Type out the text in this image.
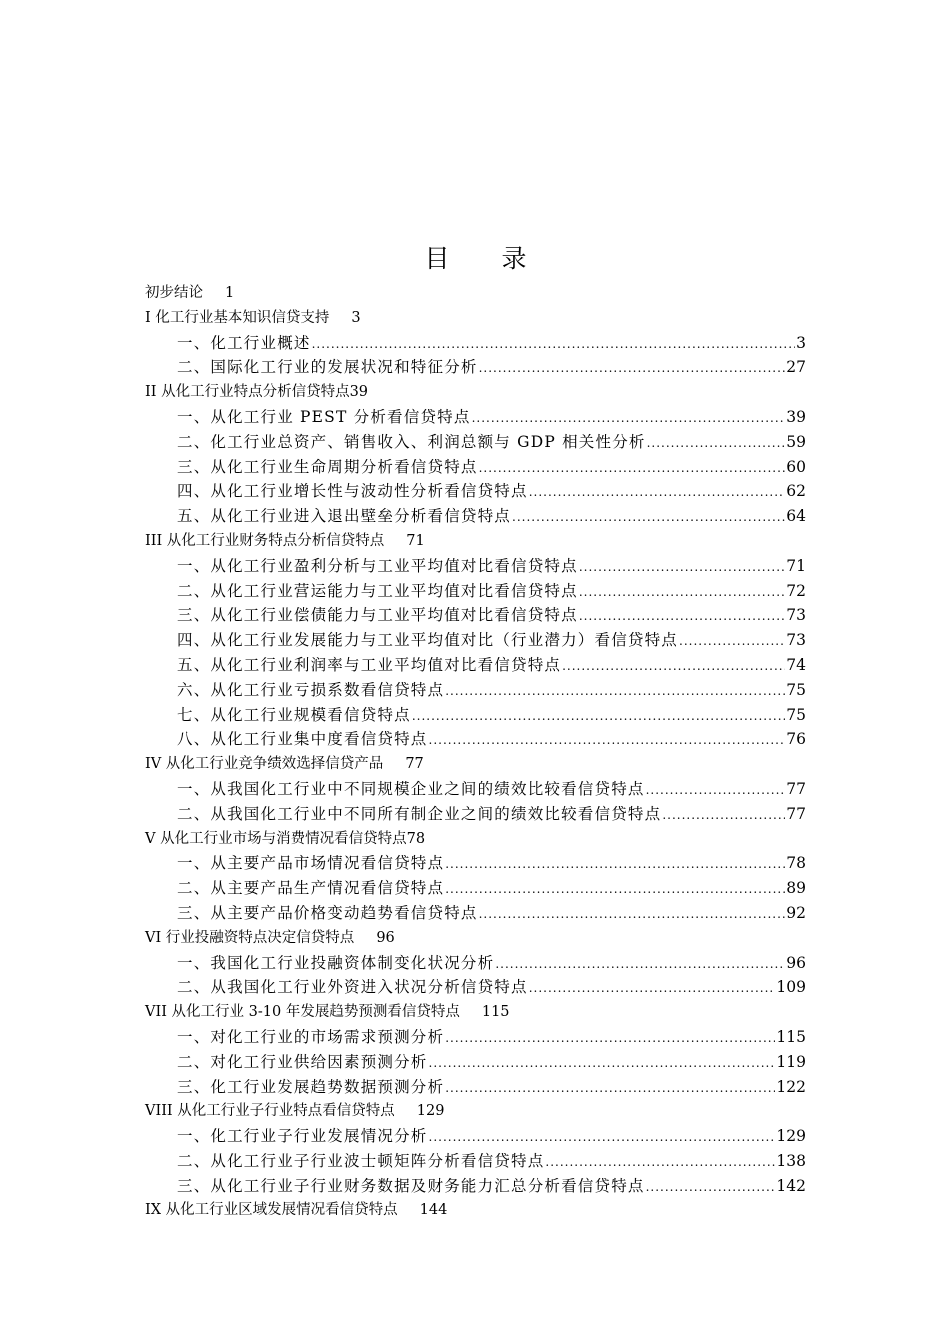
目 录
初步结论 1
I 化工行业基本知识信贷支持 3
一、化工行业概述 .....	3
二、国际化工行业的发展状况和特征分析 .....	27
II 从化工行业特点分析信贷特点39
一、从化工行业 PEST 分析看信贷特点 .....	39
二、化工行业总资产、销售收入、利润总额与 GDP 相关性分析 .....	59
三、从化工行业生命周期分析看信贷特点 .....	60
四、从化工行业增长性与波动性分析看信贷特点 .....	62
五、从化工行业进入退出壁垒分析看信贷特点 .....	64
III 从化工行业财务特点分析信贷特点 71
一、从化工行业盈利分析与工业平均值对比看信贷特点 .....	71
二、从化工行业营运能力与工业平均值对比看信贷特点 .....	72
三、从化工行业偿债能力与工业平均值对比看信贷特点 .....	73
四、从化工行业发展能力与工业平均值对比（行业潜力）看信贷特点 .....	73
五、从化工行业利润率与工业平均值对比看信贷特点 .....	74
六、从化工行业亏损系数看信贷特点 .....	75
七、从化工行业规模看信贷特点 .....	75
八、从化工行业集中度看信贷特点 .....	76
IV 从化工行业竞争绩效选择信贷产品 77
一、从我国化工行业中不同规模企业之间的绩效比较看信贷特点 .....	77
二、从我国化工行业中不同所有制企业之间的绩效比较看信贷特点 .....	77
V 从化工行业市场与消费情况看信贷特点78
一、从主要产品市场情况看信贷特点 .....	78
二、从主要产品生产情况看信贷特点 .....	89
三、从主要产品价格变动趋势看信贷特点 .....	92
VI 行业投融资特点决定信贷特点 96
一、我国化工行业投融资体制变化状况分析 .....	96
二、从我国化工行业外资进入状况分析信贷特点 .....	109
VII 从化工行业 3-10 年发展趋势预测看信贷特点 115
一、对化工行业的市场需求预测分析 .....	115
二、对化工行业供给因素预测分析 .....	119
三、化工行业发展趋势数据预测分析 .....	122
VIII 从化工行业子行业特点看信贷特点 129
一、化工行业子行业发展情况分析 .....	129
二、从化工行业子行业波士顿矩阵分析看信贷特点 .....	138
三、从化工行业子行业财务数据及财务能力汇总分析看信贷特点 .....	142
IX 从化工行业区域发展情况看信贷特点 144
